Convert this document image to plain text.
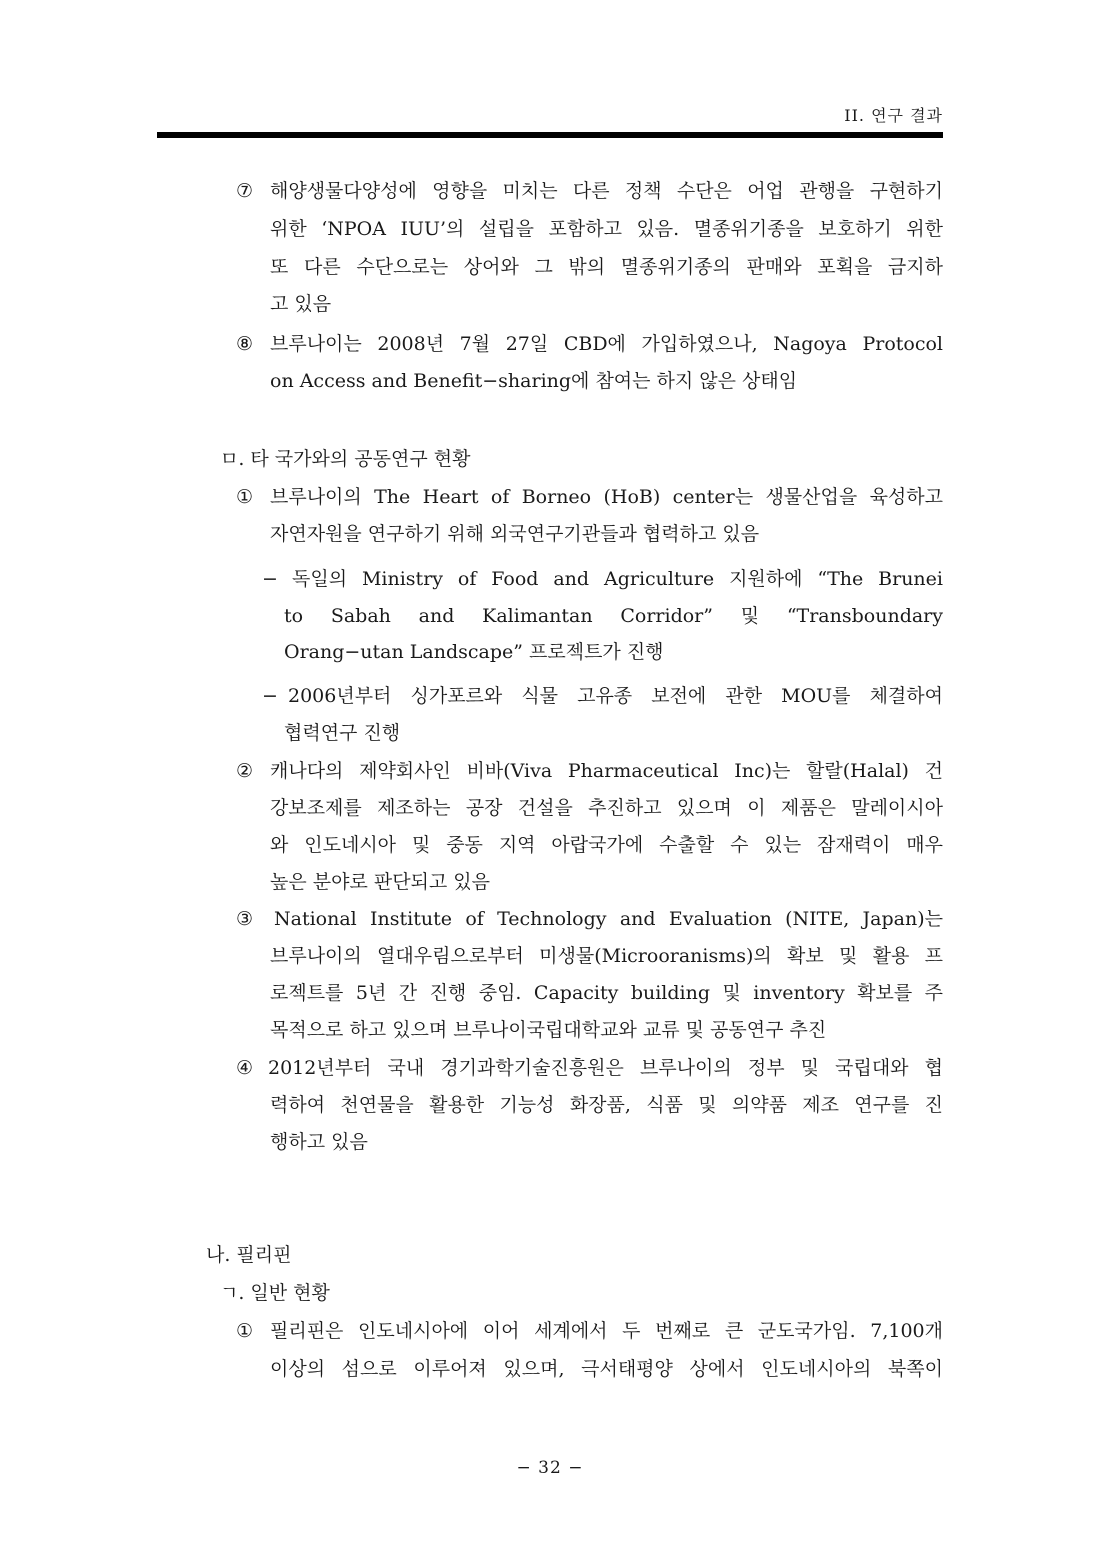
II. 연구 결과
⑦ 해양생물다양성에 영향을 미치는 다른 정책 수단은 어업 관행을 구현하기
위한 ‘NPOA IUU’의 설립을 포함하고 있음. 멸종위기종을 보호하기 위한
또 다른 수단으로는 상어와 그 밖의 멸종위기종의 판매와 포획을 금지하
고 있음
⑧ 브루나이는 2008년 7월 27일 CBD에 가입하였으나, Nagoya Protocol
on Access and Benefit−sharing에 참여는 하지 않은 상태임
ㅁ. 타 국가와의 공동연구 현황
① 브루나이의 The Heart of Borneo (HoB) center는 생물산업을 육성하고
자연자원을 연구하기 위해 외국연구기관들과 협력하고 있음
− 독일의 Ministry of Food and Agriculture 지원하에 “The Brunei
to Sabah and Kalimantan Corridor” 및 “Transboundary
Orang−utan Landscape” 프로젝트가 진행
− 2006년부터 싱가포르와 식물 고유종 보전에 관한 MOU를 체결하여
협력연구 진행
② 캐나다의 제약회사인 비바(Viva Pharmaceutical Inc)는 할랄(Halal) 건
강보조제를 제조하는 공장 건설을 추진하고 있으며 이 제품은 말레이시아
와 인도네시아 및 중동 지역 아랍국가에 수출할 수 있는 잠재력이 매우
높은 분야로 판단되고 있음
③ National Institute of Technology and Evaluation (NITE, Japan)는
브루나이의 열대우림으로부터 미생물(Microoranisms)의 확보 및 활용 프
로젝트를 5년 간 진행 중임. Capacity building 및 inventory 확보를 주
목적으로 하고 있으며 브루나이국립대학교와 교류 및 공동연구 추진
④ 2012년부터 국내 경기과학기술진흥원은 브루나이의 정부 및 국립대와 협
력하여 천연물을 활용한 기능성 화장품, 식품 및 의약품 제조 연구를 진
행하고 있음
나. 필리핀
ㄱ. 일반 현황
① 필리핀은 인도네시아에 이어 세계에서 두 번째로 큰 군도국가임. 7,100개
이상의 섬으로 이루어져 있으며, 극서태평양 상에서 인도네시아의 북쪽이
− 32 −
